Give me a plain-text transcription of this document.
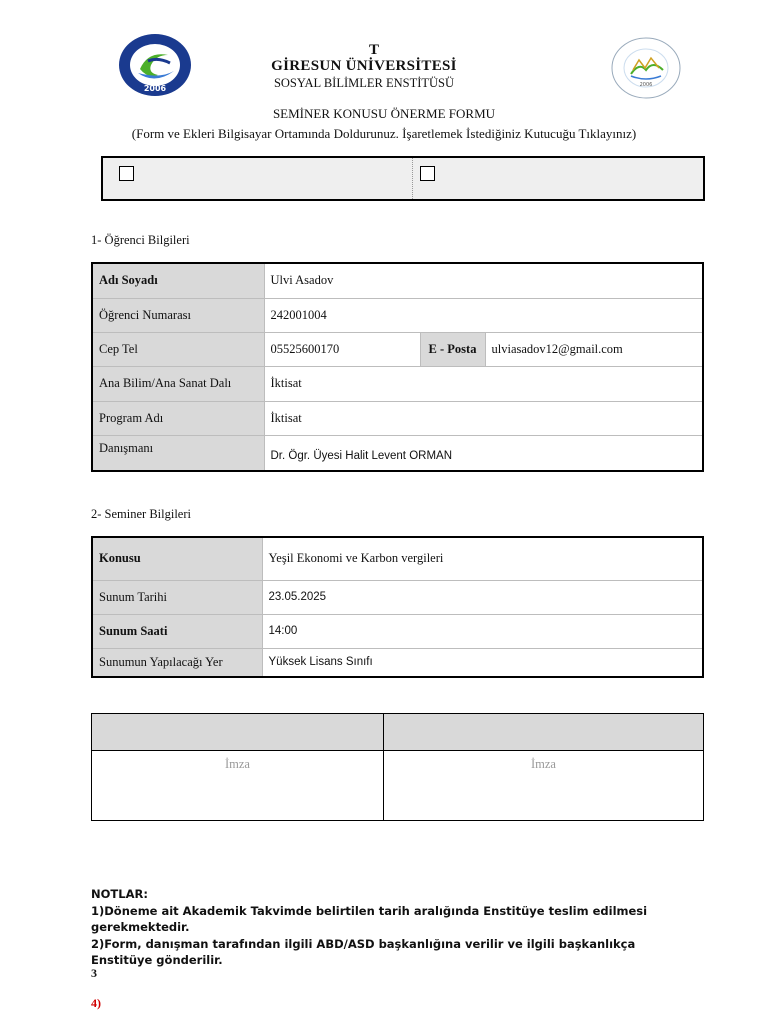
2006	2006
T
GİRESUN ÜNİVERSİTESİ
SOSYAL BİLİMLER ENSTİTÜSÜ
SEMİNER KONUSU ÖNERME FORMU
(Form ve Ekleri Bilgisayar Ortamında Doldurunuz. İşaretlemek İstediğiniz Kutucuğu Tıklayınız)
1- Öğrenci Bilgileri
Adı Soyadı	Ulvi Asadov		
Öğrenci Numarası	242001004		
Cep Tel	05525600170	E - Posta	ulviasadov12@gmail.com
Ana Bilim/Ana Sanat Dalı	İktisat		
Program Adı	İktisat		
Danışmanı	Dr. Ögr. Üyesi Halit Levent ORMAN		
2- Seminer Bilgileri
Konusu	Yeşil Ekonomi ve Karbon vergileri
Sunum Tarihi	23.05.2025
Sunum Saati	14:00
Sunumun Yapılacağı Yer	Yüksek Lisans Sınıfı

İmza	İmza
NOTLAR:
1)Döneme ait Akademik Takvimde belirtilen tarih aralığında Enstitüye teslim edilmesi gerekmektedir.
2)Form, danışman tarafından ilgili ABD/ASD başkanlığına verilir ve ilgili başkanlıkça Enstitüye gönderilir.
3
4)
